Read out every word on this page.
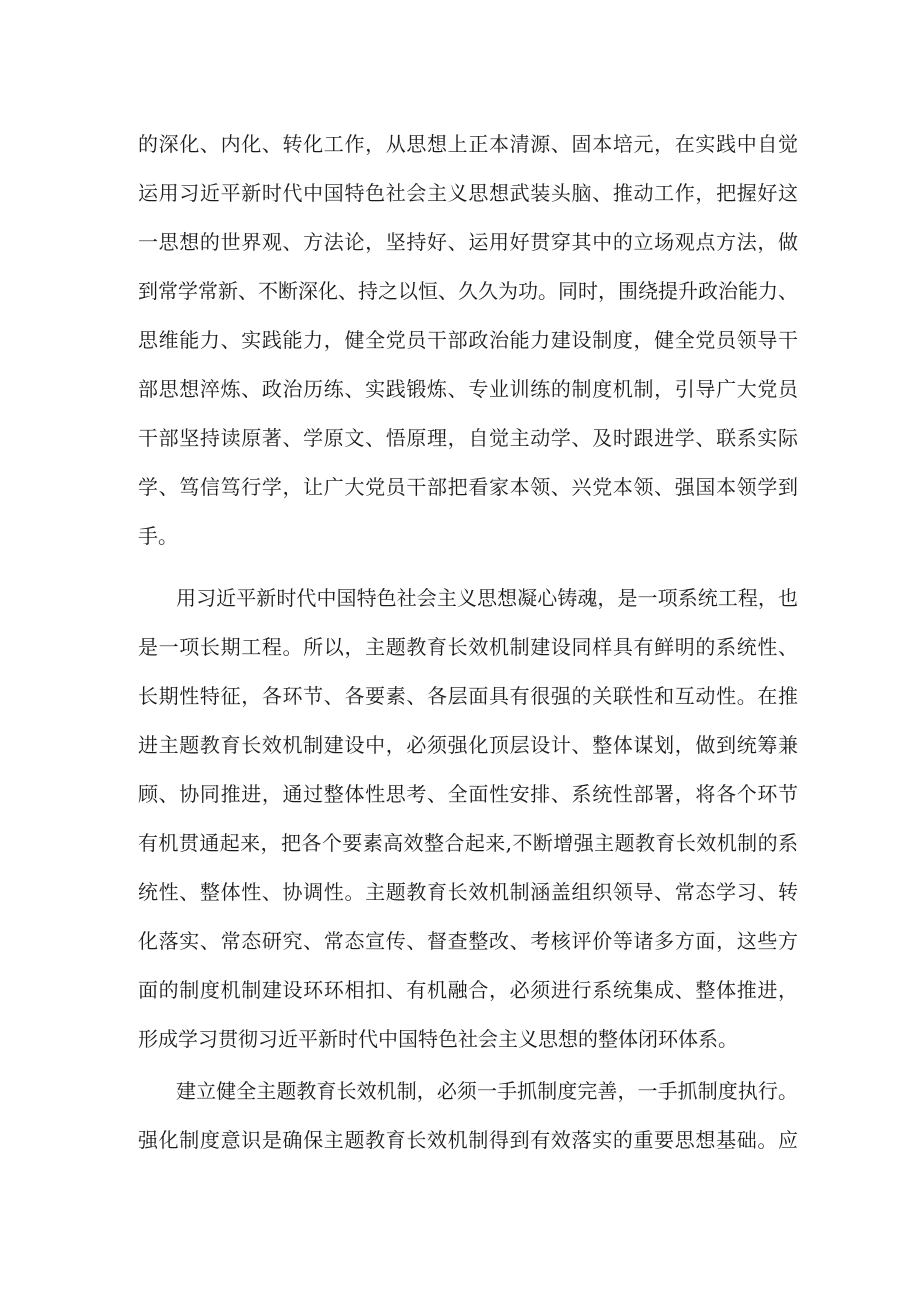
的深化、内化、转化工作，从思想上正本清源、固本培元，在实践中自觉
运用习近平新时代中国特色社会主义思想武装头脑、推动工作，把握好这
一思想的世界观、方法论，坚持好、运用好贯穿其中的立场观点方法，做
到常学常新、不断深化、持之以恒、久久为功。同时，围绕提升政治能力、
思维能力、实践能力，健全党员干部政治能力建设制度，健全党员领导干
部思想淬炼、政治历练、实践锻炼、专业训练的制度机制，引导广大党员
干部坚持读原著、学原文、悟原理，自觉主动学、及时跟进学、联系实际
学、笃信笃行学，让广大党员干部把看家本领、兴党本领、强国本领学到
手。
用习近平新时代中国特色社会主义思想凝心铸魂，是一项系统工程，也
是一项长期工程。所以，主题教育长效机制建设同样具有鲜明的系统性、
长期性特征，各环节、各要素、各层面具有很强的关联性和互动性。在推
进主题教育长效机制建设中，必须强化顶层设计、整体谋划，做到统筹兼
顾、协同推进，通过整体性思考、全面性安排、系统性部署，将各个环节
有机贯通起来，把各个要素高效整合起来,不断增强主题教育长效机制的系
统性、整体性、协调性。主题教育长效机制涵盖组织领导、常态学习、转
化落实、常态研究、常态宣传、督查整改、考核评价等诸多方面，这些方
面的制度机制建设环环相扣、有机融合，必须进行系统集成、整体推进，
形成学习贯彻习近平新时代中国特色社会主义思想的整体闭环体系。
建立健全主题教育长效机制，必须一手抓制度完善，一手抓制度执行。
强化制度意识是确保主题教育长效机制得到有效落实的重要思想基础。应
